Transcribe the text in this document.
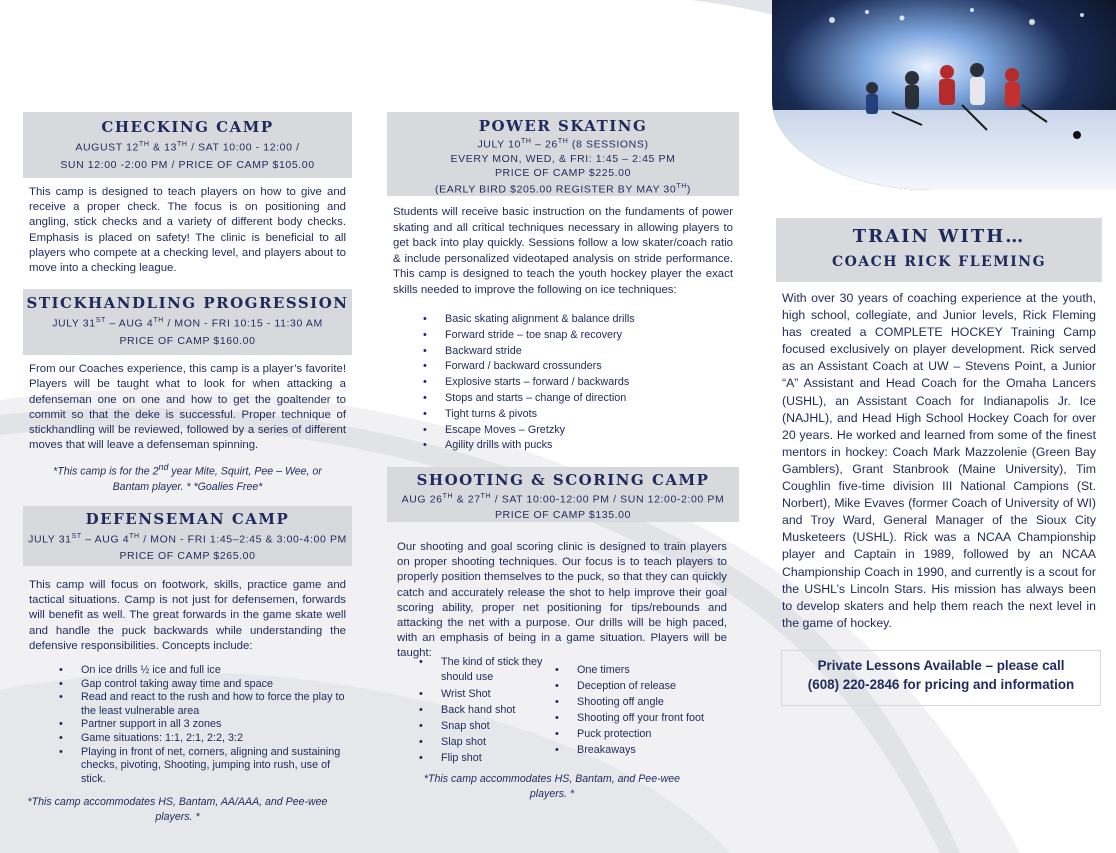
CHECKING CAMP
AUGUST 12TH & 13TH / SAT 10:00 - 12:00 /
SUN 12:00 -2:00 PM / PRICE OF CAMP $105.00
This camp is designed to teach players on how to give and receive a proper check. The focus is on positioning and angling, stick checks and a variety of different body checks. Emphasis is placed on safety! The clinic is beneficial to all players who compete at a checking level, and players about to move into a checking league.
STICKHANDLING PROGRESSION
JULY 31ST – AUG 4TH / MON - FRI 10:15 - 11:30 AM
PRICE OF CAMP $160.00
From our Coaches experience, this camp is a player’s favorite! Players will be taught what to look for when attacking a defenseman one on one and how to get the goaltender to commit so that the deke is successful. Proper technique of stickhandling will be reviewed, followed by a series of different moves that will leave a defenseman spinning.
*This camp is for the 2nd year Mite, Squirt, Pee – Wee, or
Bantam player. * *Goalies Free*
DEFENSEMAN CAMP
JULY 31ST – AUG 4TH / MON - FRI 1:45–2:45 & 3:00-4:00 PM
PRICE OF CAMP $265.00
This camp will focus on footwork, skills, practice game and tactical situations. Camp is not just for defensemen, forwards will benefit as well. The great forwards in the game skate well and handle the puck backwards while understanding the defensive responsibilities. Concepts include:
• On ice drills ½ ice and full ice
• Gap control taking away time and space
• Read and react to the rush and how to force the play to the least vulnerable area
• Partner support in all 3 zones
• Game situations: 1:1, 2:1, 2:2, 3:2
• Playing in front of net, corners, aligning and sustaining checks, pivoting, Shooting, jumping into rush, use of stick.
*This camp accommodates HS, Bantam, AA/AAA, and Pee-wee players. *
POWER SKATING
JULY 10TH – 26TH (8 SESSIONS)
EVERY MON, WED, & FRI: 1:45 – 2:45 PM
PRICE OF CAMP $225.00
(EARLY BIRD $205.00 REGISTER BY MAY 30TH)
Students will receive basic instruction on the fundaments of power skating and all critical techniques necessary in allowing players to get back into play quickly. Sessions follow a low skater/coach ratio & include personalized videotaped analysis on stride performance. This camp is designed to teach the youth hockey player the exact skills needed to improve the following on ice techniques:
• Basic skating alignment & balance drills
• Forward stride – toe snap & recovery
• Backward stride
• Forward / backward crossunders
• Explosive starts – forward / backwards
• Stops and starts – change of direction
• Tight turns & pivots
• Escape Moves – Gretzky
• Agility drills with pucks
SHOOTING & SCORING CAMP
AUG 26TH & 27TH / SAT 10:00-12:00 PM / SUN 12:00-2:00 PM
PRICE OF CAMP $135.00
Our shooting and goal scoring clinic is designed to train players on proper shooting techniques. Our focus is to teach players to properly position themselves to the puck, so that they can quickly catch and accurately release the shot to help improve their goal scoring ability, proper net positioning for tips/rebounds and attacking the net with a purpose. Our drills will be high paced, with an emphasis of being in a game situation. Players will be taught:
• The kind of stick they should use
• Wrist Shot
• Back hand shot
• Snap shot
• Slap shot
• Flip shot
• One timers
• Deception of release
• Shooting off angle
• Shooting off your front foot
• Puck protection
• Breakaways
*This camp accommodates HS, Bantam, and Pee-wee players. *
TRAIN WITH…
COACH RICK FLEMING
With over 30 years of coaching experience at the youth, high school, collegiate, and Junior levels, Rick Fleming has created a COMPLETE HOCKEY Training Camp focused exclusively on player development. Rick served as an Assistant Coach at UW – Stevens Point, a Junior “A” Assistant and Head Coach for the Omaha Lancers (USHL), an Assistant Coach for Indianapolis Jr. Ice (NAJHL), and Head High School Hockey Coach for over 20 years. He worked and learned from some of the finest mentors in hockey: Coach Mark Mazzolenie (Green Bay Gamblers), Grant Stanbrook (Maine University), Tim Coughlin five-time division III National Campions (St. Norbert), Mike Evaves (former Coach of University of WI) and Troy Ward, General Manager of the Sioux City Musketeers (USHL). Rick was a NCAA Championship player and Captain in 1989, followed by an NCAA Championship Coach in 1990, and currently is a scout for the USHL’s Lincoln Stars. His mission has always been to develop skaters and help them reach the next level in the game of hockey.
Private Lessons Available – please call
(608) 220-2846 for pricing and information
